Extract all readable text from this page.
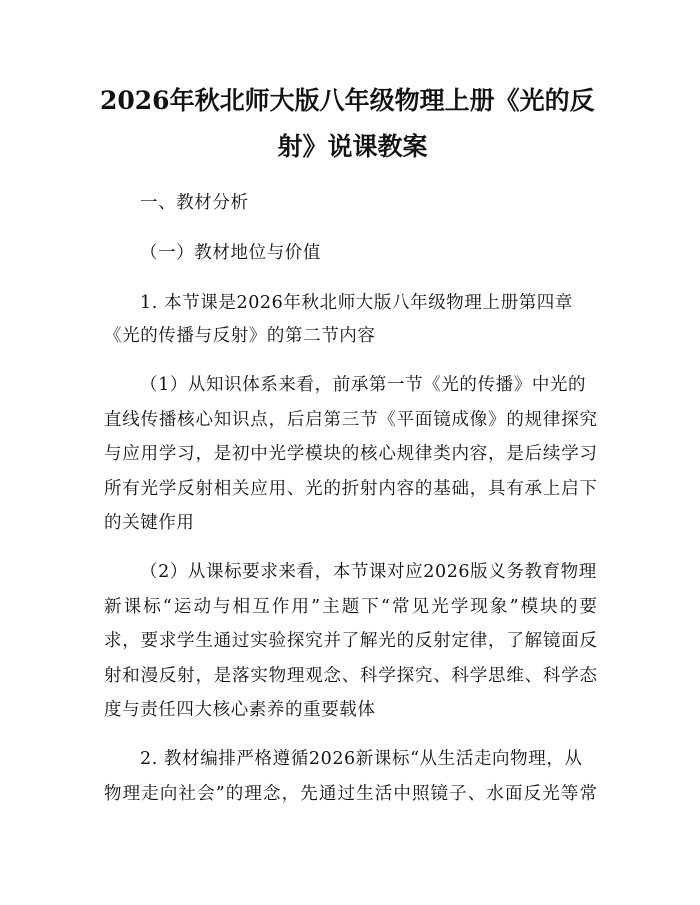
2026年秋北师大版八年级物理上册《光的反
射》说课教案
一、教材分析
（一）教材地位与价值
1. 本节课是2026年秋北师大版八年级物理上册第四章
《光的传播与反射》的第二节内容
（1）从知识体系来看，前承第一节《光的传播》中光的
直线传播核心知识点，后启第三节《平面镜成像》的规律探究
与应用学习，是初中光学模块的核心规律类内容，是后续学习
所有光学反射相关应用、光的折射内容的基础，具有承上启下
的关键作用
（2）从课标要求来看，本节课对应2026版义务教育物理
新课标“运动与相互作用”主题下“常见光学现象”模块的要
求，要求学生通过实验探究并了解光的反射定律，了解镜面反
射和漫反射，是落实物理观念、科学探究、科学思维、科学态
度与责任四大核心素养的重要载体
2. 教材编排严格遵循2026新课标“从生活走向物理，从
物理走向社会”的理念，先通过生活中照镜子、水面反光等常
